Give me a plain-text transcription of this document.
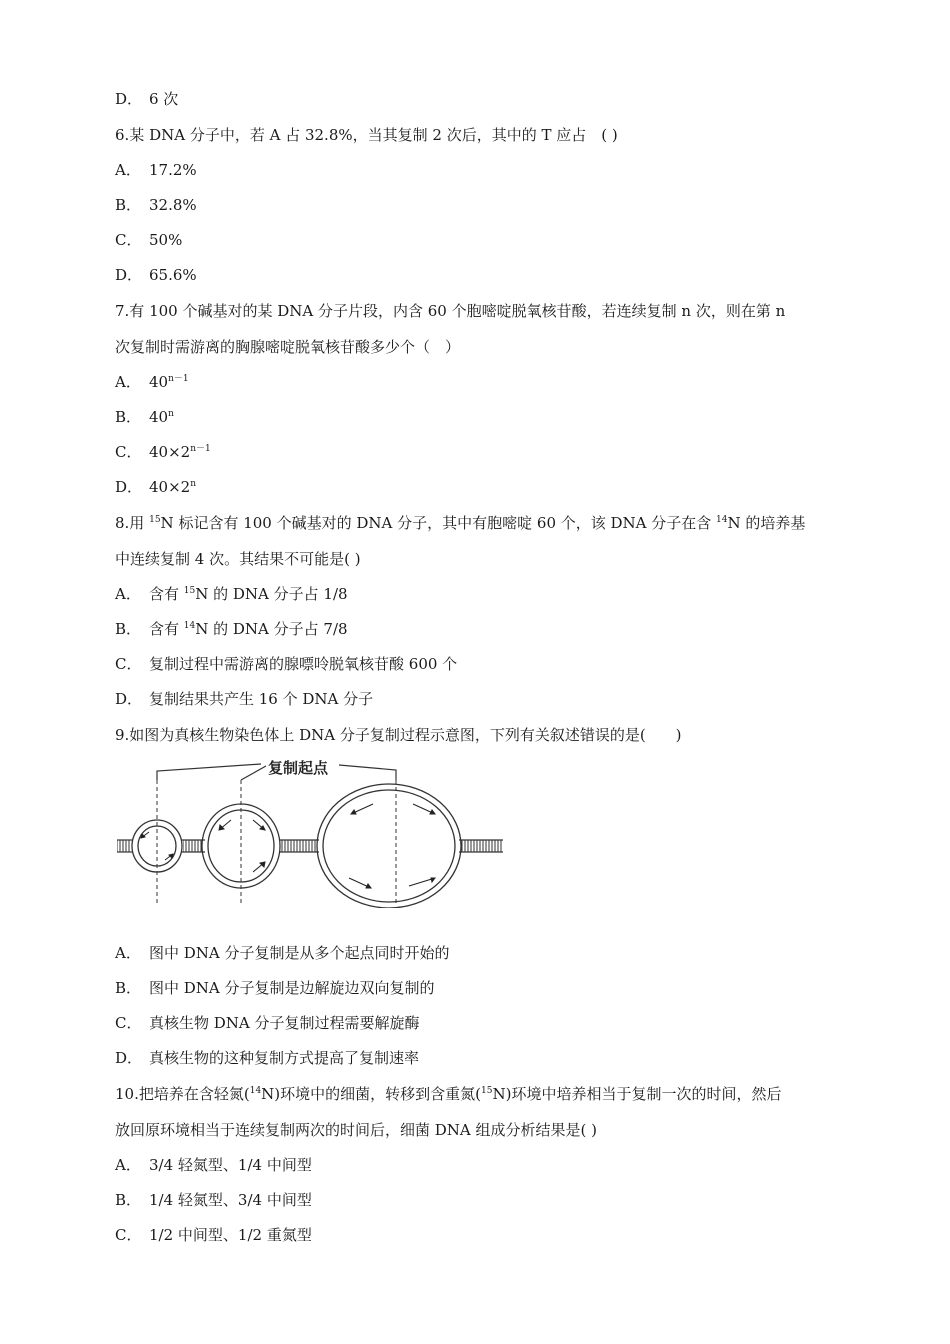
D． 6 次
6.某 DNA 分子中，若 A 占 32.8%，当其复制 2 次后，其中的 T 应占　( )
A． 17.2%
B． 32.8%
C． 50%
D． 65.6%
7.有 100 个碱基对的某 DNA 分子片段，内含 60 个胞嘧啶脱氧核苷酸，若连续复制 n 次，则在第 n
次复制时需游离的胸腺嘧啶脱氧核苷酸多少个（　）
A． $40^{n-1}$
B． 40$^n$
C． $40\times 2^{n-1}$
D． $40\times 2^n$
8.用 $^{15}$N 标记含有 100 个碱基对的 DNA 分子，其中有胞嘧啶 60 个，该 DNA 分子在含 $^{14}$N 的培养基
中连续复制 4 次。其结果不可能是( )
A． 含有 $^{15}$N 的 DNA 分子占 1/8
B． 含有 $^{14}$N 的 DNA 分子占 7/8
C． 复制过程中需游离的腺嘌呤脱氧核苷酸 600 个
D． 复制结果共产生 16 个 DNA 分子
9.如图为真核生物染色体上 DNA 分子复制过程示意图，下列有关叙述错误的是(　　)
复制起点
A． 图中 DNA 分子复制是从多个起点同时开始的
B． 图中 DNA 分子复制是边解旋边双向复制的
C． 真核生物 DNA 分子复制过程需要解旋酶
D． 真核生物的这种复制方式提高了复制速率
10.把培养在含轻氮($^{14}$N)环境中的细菌，转移到含重氮($^{15}$N)环境中培养相当于复制一次的时间，然后
放回原环境相当于连续复制两次的时间后，细菌 DNA 组成分析结果是( )
A． 3/4 轻氮型、1/4 中间型
B． 1/4 轻氮型、3/4 中间型
C． 1/2 中间型、1/2 重氮型
